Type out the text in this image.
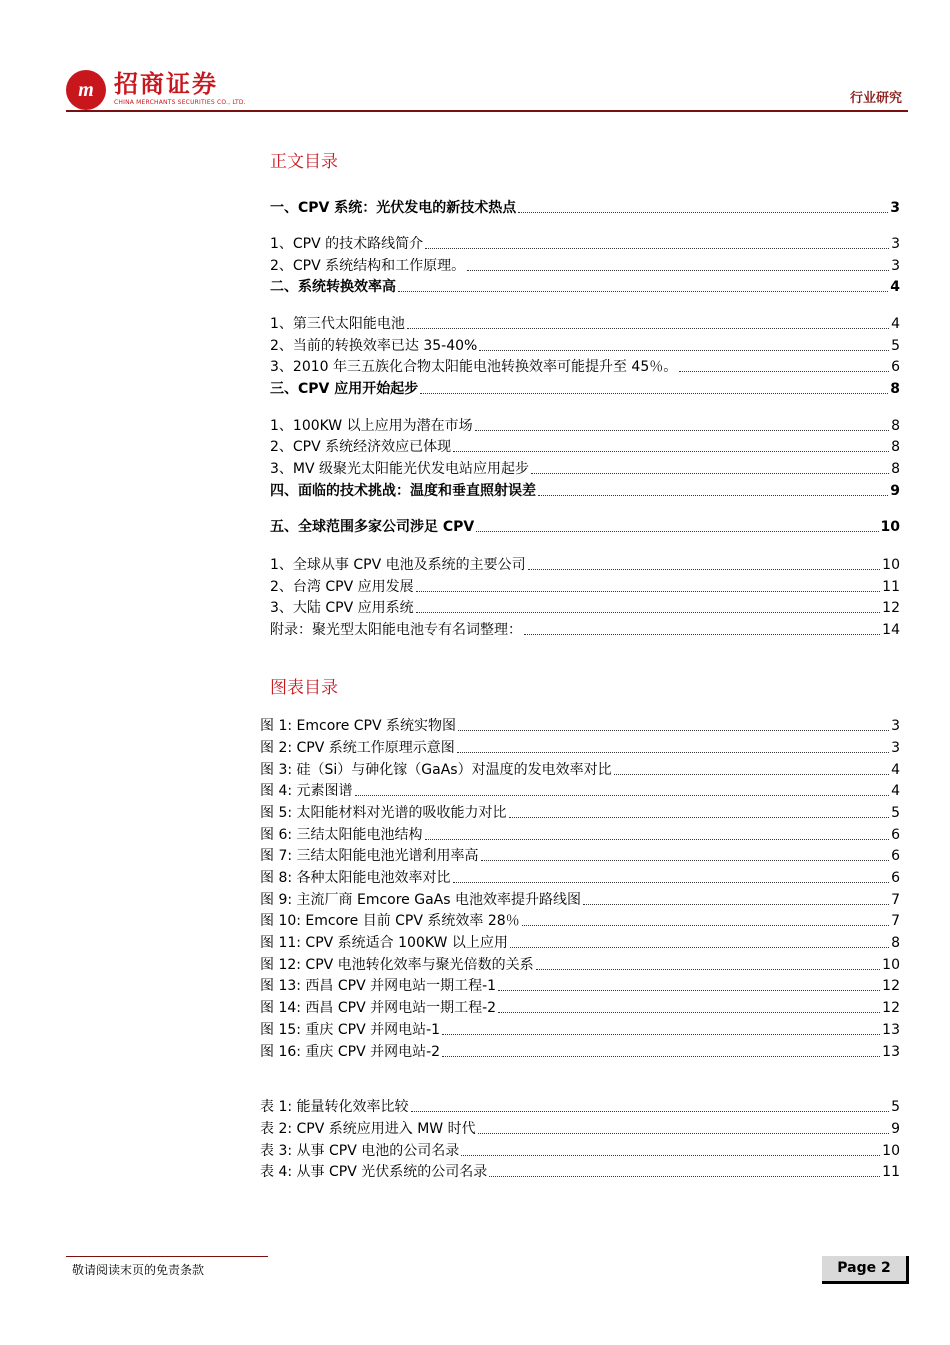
m 招商证券
CHINA MERCHANTS SECURITIES CO., LTD.	行业研究
正文目录
一、CPV 系统：光伏发电的新技术热点	3
1、CPV 的技术路线简介	3
2、CPV 系统结构和工作原理。	3
二、系统转换效率高	4
1、第三代太阳能电池	4
2、当前的转换效率已达 35-40%	5
3、2010 年三五族化合物太阳能电池转换效率可能提升至 45％。	6
三、CPV 应用开始起步	8
1、100KW 以上应用为潜在市场	8
2、CPV 系统经济效应已体现	8
3、MV 级聚光太阳能光伏发电站应用起步	8
四、面临的技术挑战：温度和垂直照射误差	9
五、全球范围多家公司涉足 CPV	10
1、全球从事 CPV 电池及系统的主要公司	10
2、台湾 CPV 应用发展	11
3、大陆 CPV 应用系统	12
附录：聚光型太阳能电池专有名词整理：	14
图表目录
图 1: Emcore CPV 系统实物图	3
图 2: CPV 系统工作原理示意图	3
图 3: 硅（Si）与砷化镓（GaAs）对温度的发电效率对比	4
图 4: 元素图谱	4
图 5: 太阳能材料对光谱的吸收能力对比	5
图 6: 三结太阳能电池结构	6
图 7: 三结太阳能电池光谱利用率高	6
图 8: 各种太阳能电池效率对比	6
图 9: 主流厂商 Emcore GaAs 电池效率提升路线图	7
图 10: Emcore 目前 CPV 系统效率 28％	7
图 11: CPV 系统适合 100KW 以上应用	8
图 12: CPV 电池转化效率与聚光倍数的关系	10
图 13: 西昌 CPV 并网电站一期工程-1	12
图 14: 西昌 CPV 并网电站一期工程-2	12
图 15: 重庆 CPV 并网电站-1	13
图 16: 重庆 CPV 并网电站-2	13
表 1: 能量转化效率比较	5
表 2: CPV 系统应用进入 MW 时代	9
表 3: 从事 CPV 电池的公司名录	10
表 4: 从事 CPV 光伏系统的公司名录	11
敬请阅读末页的免责条款	Page 2
